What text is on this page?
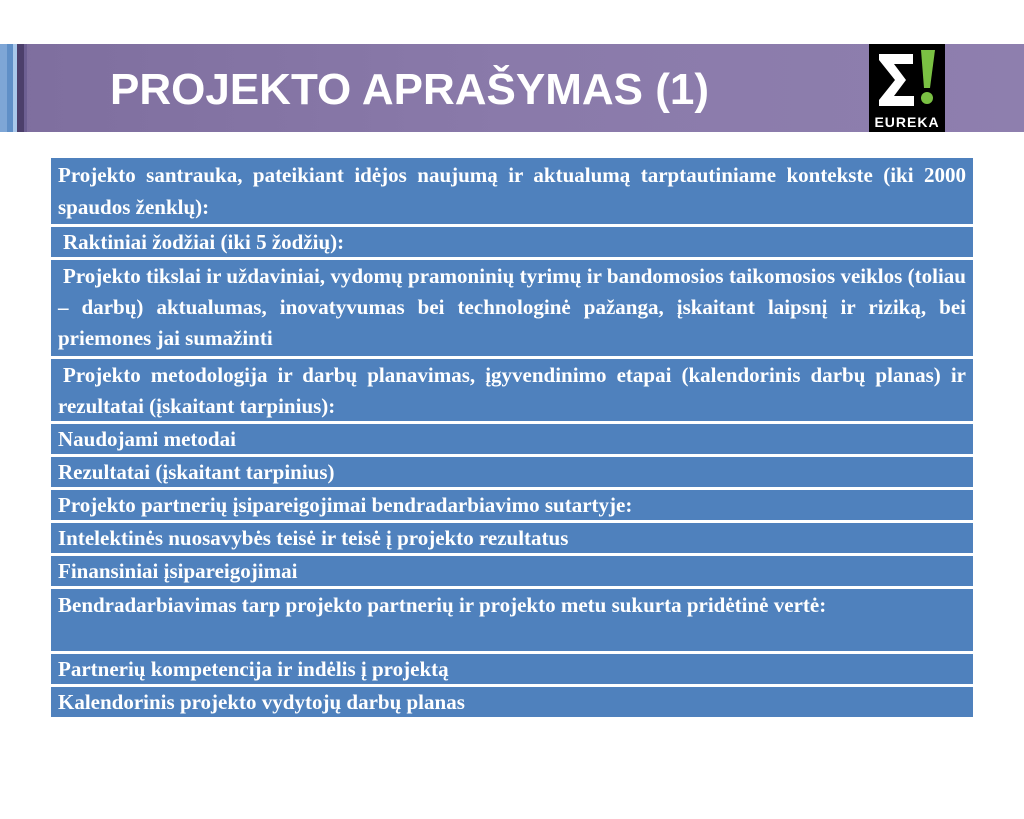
PROJEKTO APRAŠYMAS (1)
EUREKA
Projekto santrauka, pateikiant idėjos naujumą ir aktualumą tarptautiniame kontekste (iki 2000 spaudos ženklų):
Raktiniai žodžiai (iki 5 žodžių):
Projekto tikslai ir uždaviniai, vydomų pramoninių tyrimų ir bandomosios taikomosios veiklos (toliau – darbų) aktualumas, inovatyvumas bei technologinė pažanga, įskaitant laipsnį ir riziką, bei priemones jai sumažinti
Projekto metodologija ir darbų planavimas, įgyvendinimo etapai (kalendorinis darbų planas) ir rezultatai (įskaitant tarpinius):
Naudojami metodai
Rezultatai (įskaitant tarpinius)
Projekto partnerių įsipareigojimai bendradarbiavimo sutartyje:
Intelektinės nuosavybės teisė ir teisė į projekto rezultatus
Finansiniai įsipareigojimai
Bendradarbiavimas tarp projekto partnerių ir projekto metu sukurta pridėtinė vertė:
Partnerių kompetencija ir indėlis į projektą
Kalendorinis projekto vydytojų darbų planas
